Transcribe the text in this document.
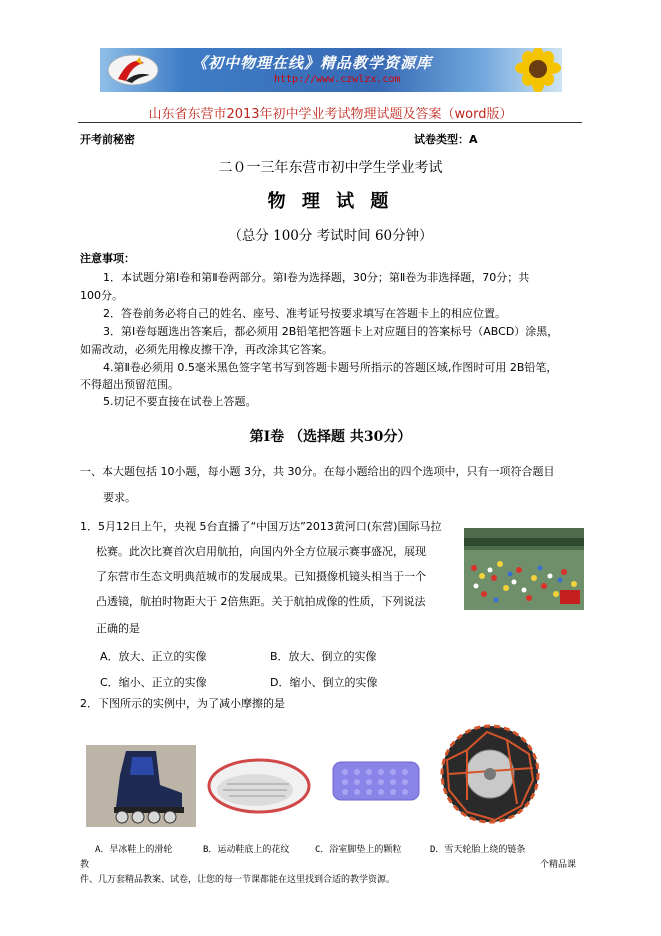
《初中物理在线》精品教学资源库
http://www.czwlzx.com
山东省东营市2013年初中学业考试物理试题及答案（word版）
开考前秘密	试卷类型：A
二０一三年东营市初中学生学业考试
物 理 试 题
（总分 100分 考试时间 60分钟）
注意事项：
1．本试题分第Ⅰ卷和第Ⅱ卷两部分。第Ⅰ卷为选择题，30分；第Ⅱ卷为非选择题，70分；共
100分。
2．答卷前务必将自己的姓名、座号、准考证号按要求填写在答题卡上的相应位置。
3．第Ⅰ卷每题选出答案后，都必须用 2B铅笔把答题卡上对应题目的答案标号（ABCD）涂黑，
如需改动，必须先用橡皮擦干净，再改涂其它答案。
4.第Ⅱ卷必须用 0.5毫米黑色签字笔书写到答题卡题号所指示的答题区域,作图时可用 2B铅笔，
不得超出预留范围。
5.切记不要直接在试卷上答题。
第Ⅰ卷 （选择题 共30分）
一、本大题包括 10小题，每小题 3分，共 30分。在每小题给出的四个选项中，只有一项符合题目
要求。
1．5月12日上午，央视 5台直播了“中国万达”2013黄河口(东营)国际马拉
松赛。此次比赛首次启用航拍，向国内外全方位展示赛事盛况，展现
了东营市生态文明典范城市的发展成果。已知摄像机镜头相当于一个
凸透镜，航拍时物距大于 2倍焦距。关于航拍成像的性质，下列说法
正确的是
A．放大、正立的实像	B．放大、倒立的实像
C．缩小、正立的实像	D．缩小、倒立的实像
2．下图所示的实例中，为了减小摩擦的是
A．旱冰鞋上的滑轮	B．运动鞋底上的花纹	C．浴室脚垫上的颗粒	D．雪天轮胎上绕的链条
教	个精品课
件、几万套精品教案、试卷，让您的每一节课都能在这里找到合适的教学资源。
